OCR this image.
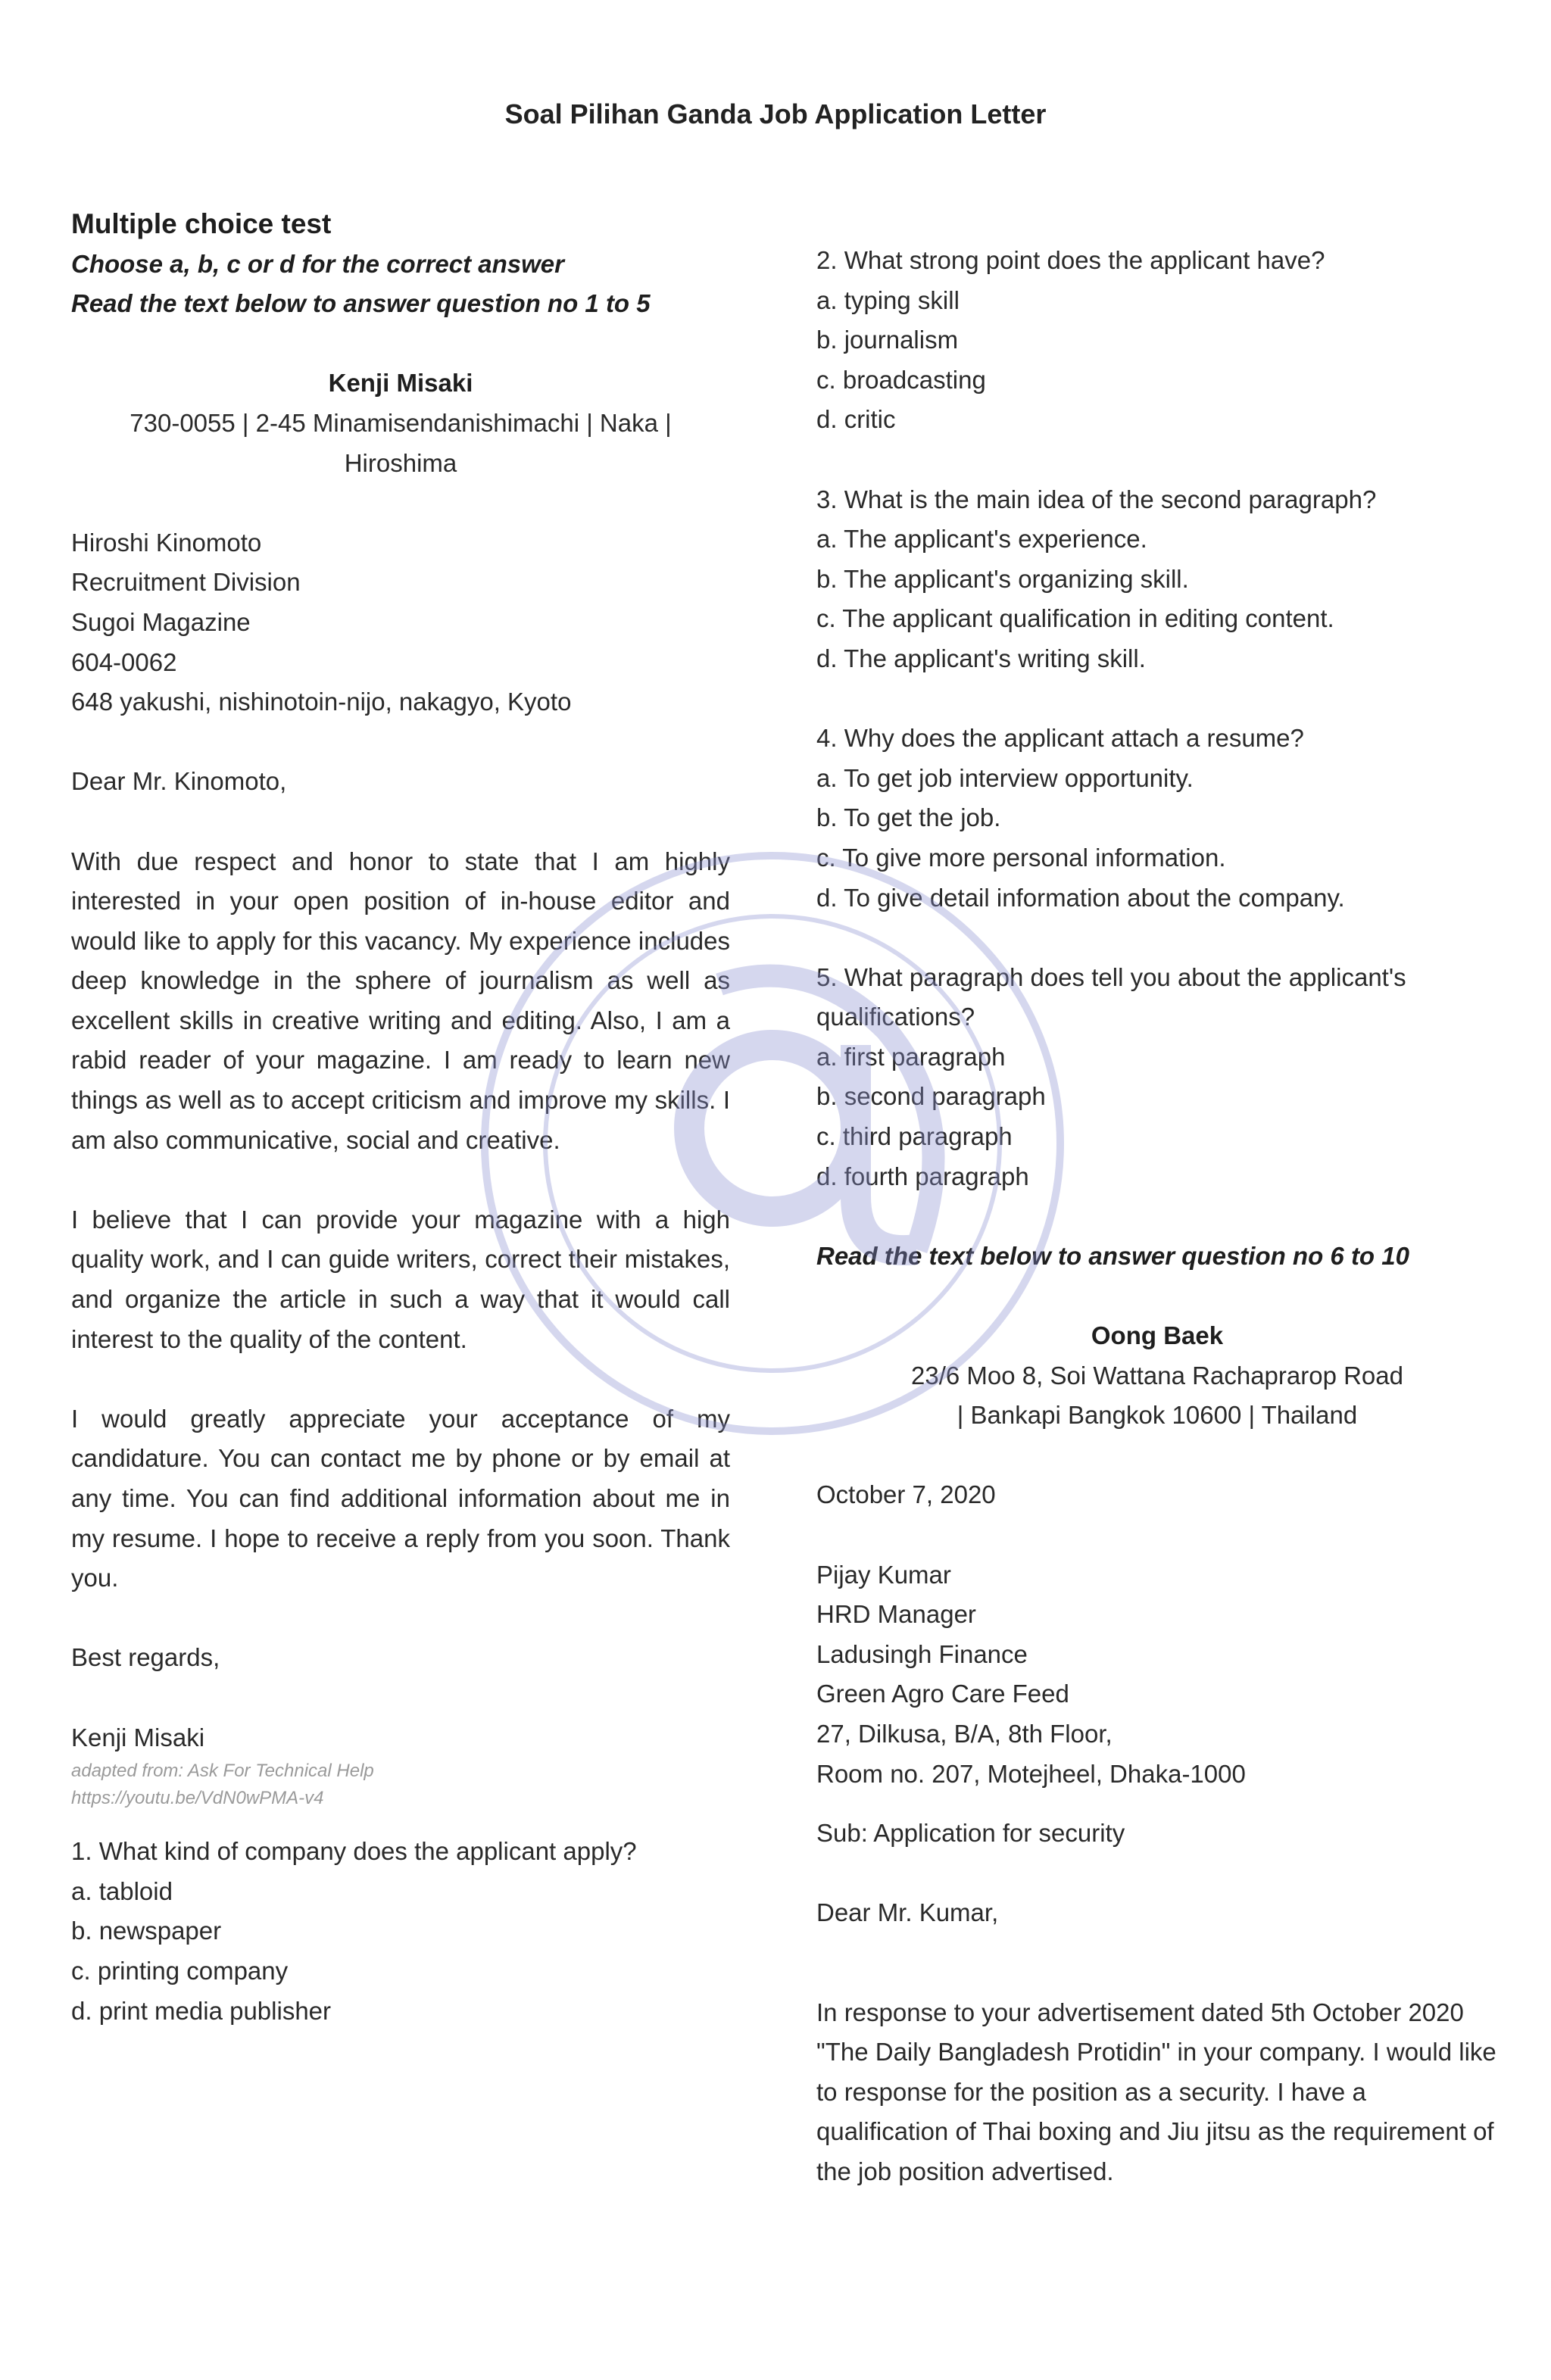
Soal Pilihan Ganda Job Application Letter

Multiple choice test

Choose a, b, c or d for the correct answer

Read the text below to answer question no 1 to 5

Kenji Misaki

730-0055 | 2-45 Minamisendanishimachi | Naka | Hiroshima

Hiroshi Kinomoto

Recruitment Division

Sugoi Magazine

604-0062

648 yakushi, nishinotoin-nijo, nakagyo, Kyoto

Dear Mr. Kinomoto,

With due respect and honor to state that I am highly interested in your open position of in-house editor and would like to apply for this vacancy. My experience includes deep knowledge in the sphere of journalism as well as excellent skills in creative writing and editing. Also, I am a rabid reader of your magazine. I am ready to learn new things as well as to accept criticism and improve my skills. I am also communicative, social and creative.

I believe that I can provide your magazine with a high quality work, and I can guide writers, correct their mistakes, and organize the article in such a way that it would call interest to the quality of the content.

I would greatly appreciate your acceptance of my candidature. You can contact me by phone or by email at any time. You can find additional information about me in my resume. I hope to receive a reply from you soon. Thank you.

Best regards,

Kenji Misaki

adapted from: Ask For Technical Help

https://youtu.be/VdN0wPMA-v4

1. What kind of company does the applicant apply?

a. tabloid

b. newspaper

c. printing company

d. print media publisher

2. What strong point does the applicant have?

a. typing skill

b. journalism

c. broadcasting

d. critic

3. What is the main idea of the second paragraph?

a. The applicant's experience.

b. The applicant's organizing skill.

c. The applicant qualification in editing content.

d. The applicant's writing skill.

4. Why does the applicant attach a resume?

a. To get job interview opportunity.

b. To get the job.

c. To give more personal information.

d. To give detail information about the company.

5. What paragraph does tell you about the applicant's qualifications?

a. first paragraph

b. second paragraph

c. third paragraph

d. fourth paragraph

Read the text below to answer question no 6 to 10

Oong Baek

23/6 Moo 8, Soi Wattana Rachaprarop Road

| Bankapi Bangkok 10600 | Thailand

October 7, 2020

Pijay Kumar

HRD Manager

Ladusingh Finance

Green Agro Care Feed

27, Dilkusa, B/A, 8th Floor,

Room no. 207, Motejheel, Dhaka-1000

Sub: Application for security

Dear Mr. Kumar,

In response to your advertisement dated 5th October 2020 "The Daily Bangladesh Protidin" in your company. I would like to response for the position as a security. I have a qualification of Thai boxing and Jiu jitsu as the requirement of the job position advertised.
